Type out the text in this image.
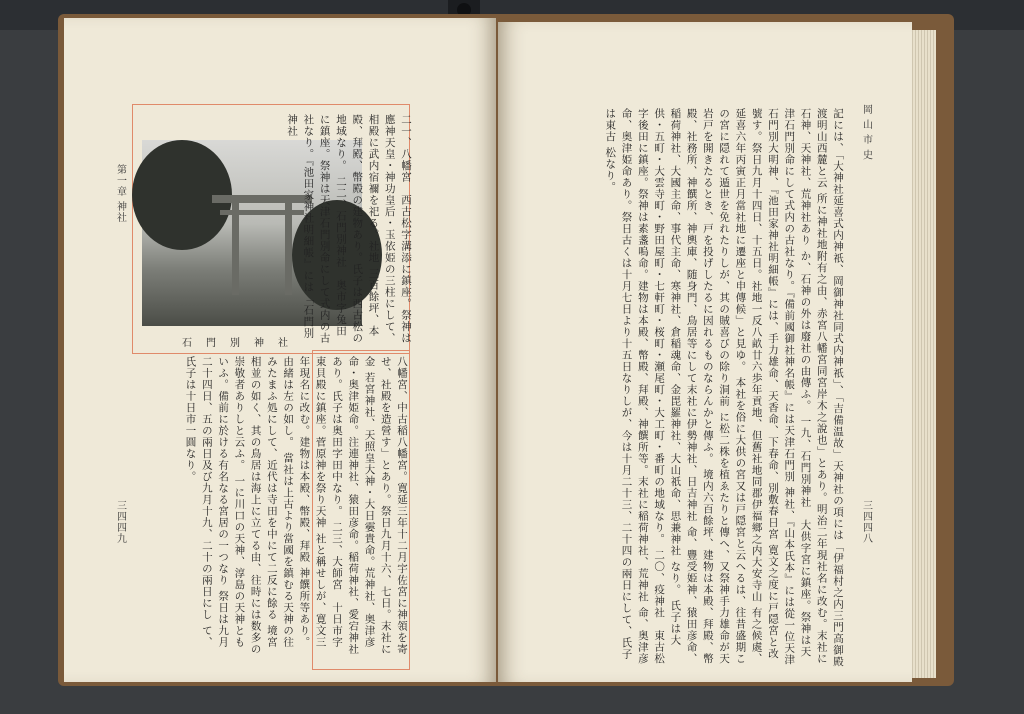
第一章 神社
三四四九
石門別神社	二一、八幡宮　西古松字溝添に鎮座。祭神は應神天皇・神功皇后・玉依姫の三柱にして、相殿に武内宿禰を祀る。社地 三百餘坪、本殿、拜殿、幣殿の建物あり。氏子は西古松の地域なり。 二二、石門別神社　奥市字兔田に鎮座。祭神は天津石門別命にして式内の古社なり。『池田家神社明細帳』には「石門別 神社
八幡宮、中古稲八幡宮。寛延三年十二月宇佐宮に神領を寄せ、社殿を造營す」とあり。祭日九月十六、七日。末社に金 若宮神社、天照皇大神・大日孁貴命。荒神社、奥津彦命・奥津姫命。注連神社、猿田彦命。稲荷神社、愛宕神社 あり。氏子は奥田字田中なり。 二三、大師宮　十日市字東貝殿に鎮座。菅原神を祭り天神 社と稱せしが、寛文三年現名に改む。建物は本殿、幣殿、拜殿 神饌所等あり。由緒は左の如し。 當社は上古より當國を鎮むる天神の往みたまふ処にして、近代は寺田を中にて二反に餘る 境宮相並の如く、其の鳥居は海上に立てる由、往時には数多の崇敬者ありしと云ふ。 一に川口の天神、淳島の天神ともいふ。備前に於ける有名なる宮居の一つなり 祭日は九月二十四日、五の兩日及び九月十九、二十の兩日にし て、氏子は十日市一圓なり。
岡 山 市 史
三四四八
記には、「大神社延喜式内神祇、岡御神社同式内神祇」、「吉備温故」天神社の項には「伊福村之内三門高御殿渡明山西麓と云 所に神社地附有之由、赤宮八幡宮同宮岸木之說也」とあり。明治二年現社名に改む。末社に石神、天神社、荒神社あり か、石神の外は廢社の由傳ふ。 一九、石門別神社　大供字宮に鎮座。祭神は天津石門別命にして式内の古社なり。『備前國御社神名帳』には天津石門別 神社、『山本氏本』には從一位天津石門別大明神、『池田家神社明細帳』には、手力雄命、天香命、下春命、別敷春日宮 寛文之度に戸隠宮と改號す。祭日九月十四日、十五日。社地一反八畝廿六歩年貢地、但舊社地同郡伊福鄉之内大安寺山 有之候處、延喜六年丙寅正月當社地に遷座と申傳候」と見ゆ。 本社を俗に大供の宮又は戸隠宮と云へるは、往昔盛期この宮に隠れて遁世を免れたりしが、其の賊喜びの除り洞前 に松二株を植ゑたりと傳へ、又祭神手力雄命が天岩戸を開きたるとき、戸を投げしたるに因れるものならんかと傳ふ。 境内六百餘坪、建物は本殿、拜殿、幣殿、社務所、神饌所、神輿庫、随身門、鳥居等にして末社に伊勢神社、日吉神社 命、豐受姫神、猿田彦命、稲荷神社、大國主命、事代主命、寒神社、倉稲魂命、金毘羅神社、大山祇命、思兼神社 なり。 氏子は大供・五町・大雲寺町・野田屋町・七軒町・桜町・瀬尾町・大工町・番町の地域なり。 二〇、疫神社　東古松字後田に鎮座。祭神は素盞嗚命。建物は本殿、幣殿、拜殿、神饌所等。末社に稲荷神社、荒神社 命、奥津彦命、奥津姫命あり。祭日古くは十月七日より十五日なりしが、今は十月二十三、二十四の兩日にして、氏子は東古 松なり。
